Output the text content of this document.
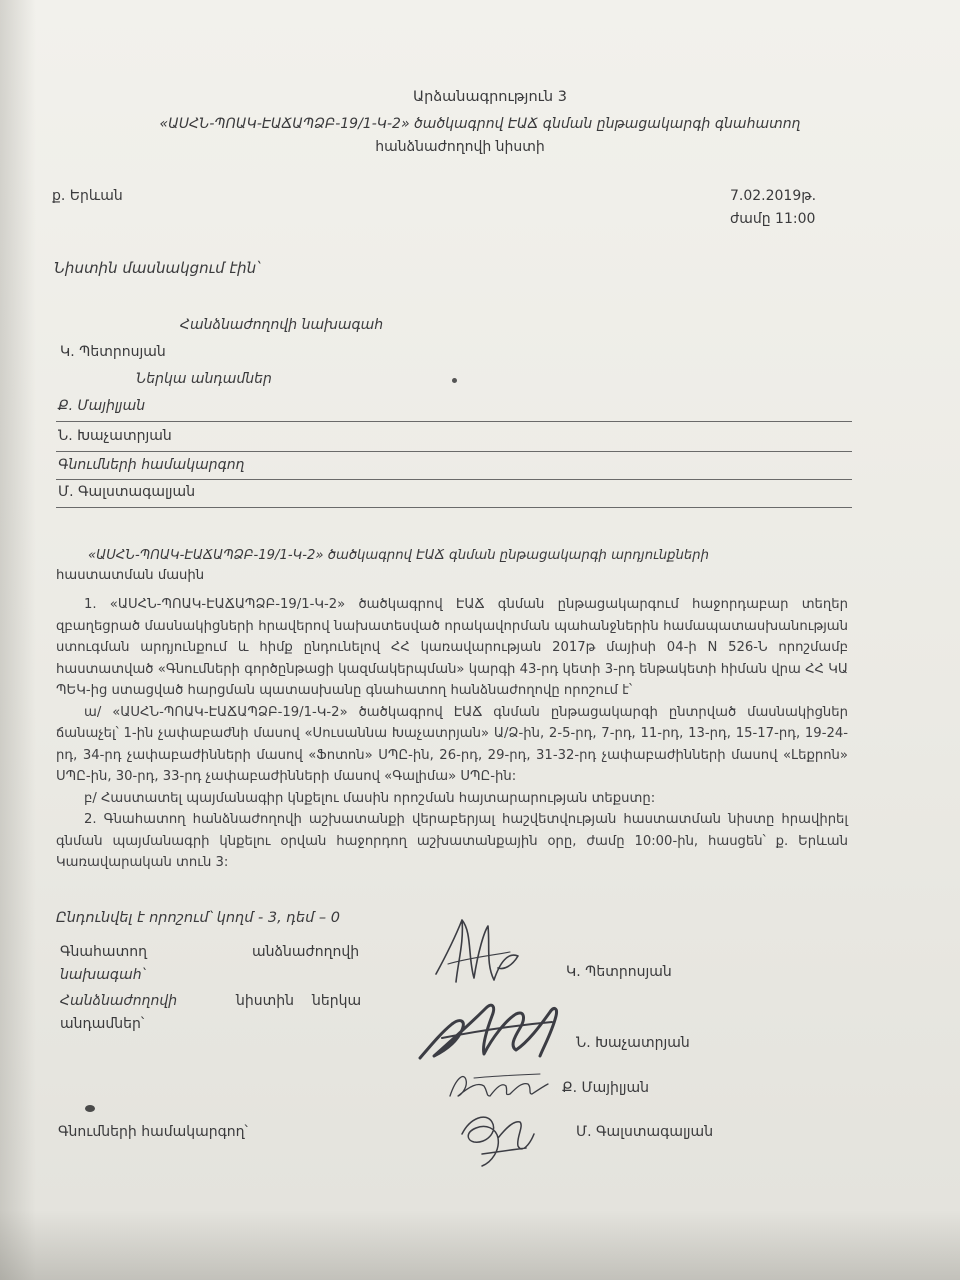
Արձանագրություն 3
«ԱՍՀՆ-ՊՈԱԿ-ԷԱՃԱՊՁԲ-19/1-Կ-2» ծածկագրով ԷԱՃ գնման ընթացակարգի գնահատող
հանձնաժողովի նիստի
ք. Երևան	7.02.2019թ.
ժամը 11:00
Նիստին մասնակցում էին՝
Հանձնաժողովի նախագահ
Կ. Պետրոսյան
Ներկա անդամներ
Ք. Մայիլյան
Ն. Խաչատրյան
Գնումների համակարգող
Մ. Գալստագալյան
«ԱՍՀՆ-ՊՈԱԿ-ԷԱՃԱՊՁԲ-19/1-Կ-2» ծածկագրով ԷԱՃ գնման ընթացակարգի արդյունքների
հաստատման մասին

1. «ԱՍՀՆ-ՊՈԱԿ-ԷԱՃԱՊՁԲ-19/1-Կ-2» ծածկագրով ԷԱՃ գնման ընթացակարգում հաջորդաբար տեղեր զբաղեցրած մասնակիցների հրավերով նախատեսված որակավորման պահանջներին համապատասխանության ստուգման արդյունքում և հիմք ընդունելով ՀՀ կառավարության 2017թ մայիսի 04-ի N 526-Ն որոշմամբ հաստատված «Գնումների գործընթացի կազմակերպման» կարգի 43-րդ կետի 3-րդ ենթակետի հիման վրա ՀՀ ԿԱ ՊԵԿ-ից ստացված հարցման պատասխանը գնահատող հանձնաժողովը որոշում է՝

ա/ «ԱՍՀՆ-ՊՈԱԿ-ԷԱՃԱՊՁԲ-19/1-Կ-2» ծածկագրով ԷԱՃ գնման ընթացակարգի ընտրված մասնակիցներ ճանաչել՝ 1-ին չափաբաժնի մասով «Սուսաննա Խաչատրյան» Ա/Ձ-ին, 2-5-րդ, 7-րդ, 11-րդ, 13-րդ, 15-17-րդ, 19-24-րդ, 34-րդ չափաբաժինների մասով «Ֆոտոն» ՍՊԸ-ին, 26-րդ, 29-րդ, 31-32-րդ չափաբաժինների մասով «Լեքրոն» ՍՊԸ-ին, 30-րդ, 33-րդ չափաբաժինների մասով «Գալիմա» ՍՊԸ-ին:

բ/ Հաստատել պայմանագիր կնքելու մասին որոշման հայտարարության տեքստը:

2. Գնահատող հանձնաժողովի աշխատանքի վերաբերյալ հաշվետվության հաստատման նիստը հրավիրել գնման պայմանագրի կնքելու օրվան հաջորդող աշխատանքային օրը, ժամը 10:00-ին, հասցեն՝ ք. Երևան Կառավարական տուն 3:

Ընդունվել է որոշում՝ կողմ - 3, դեմ – 0
Գնահատող	անձնաժողովի
նախագահ՝
Հանձնաժողովի	նիստին ներկա
անդամներ՝
Գնումների համակարգող՝
Կ. Պետրոսյան
Ն. Խաչատրյան
Ք. Մայիլյան
Մ. Գալստագալյան
